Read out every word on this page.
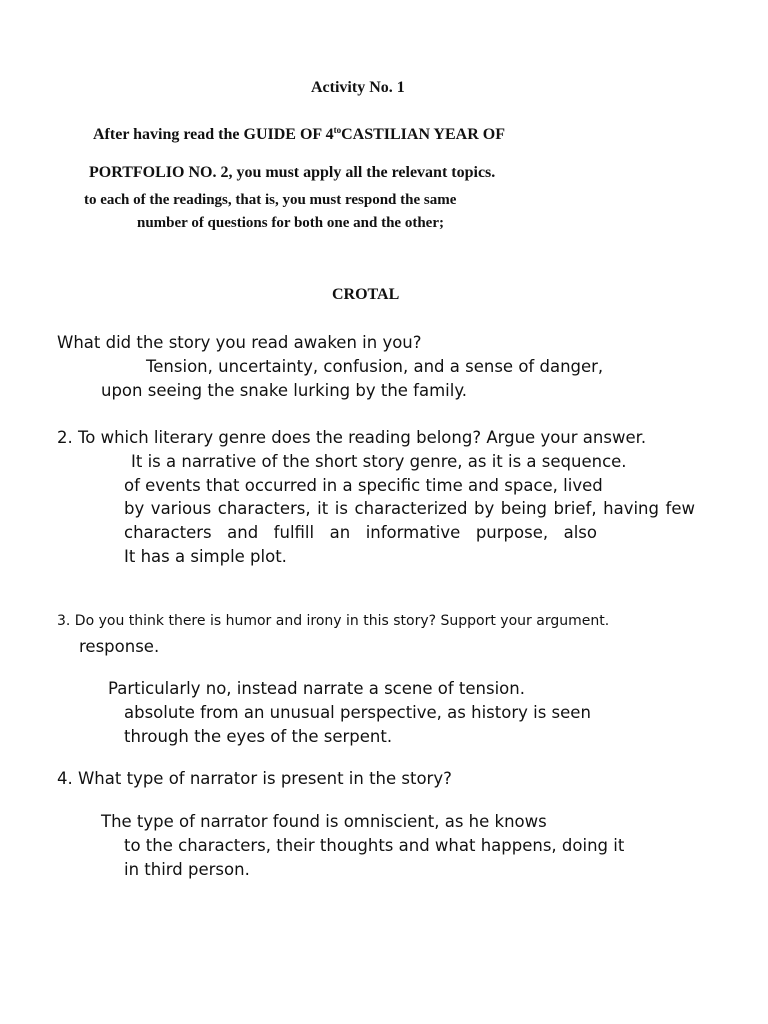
Activity No. 1
After having read the GUIDE OF $4^{to}CASTILIAN$ YEAR OF
PORTFOLIO NO. 2, you must apply all the relevant topics.
to each of the readings, that is, you must respond the same
number of questions for both one and the other;
CROTAL
What did the story you read awaken in you?
Tension, uncertainty, confusion, and a sense of danger,
upon seeing the snake lurking by the family.
2. To which literary genre does the reading belong? Argue your answer.
It is a narrative of the short story genre, as it is a sequence.
of events that occurred in a specific time and space, lived
by various characters, it is characterized by being brief, having few
characters and fulfill an informative purpose, also
It has a simple plot.
3. Do you think there is humor and irony in this story? Support your argument.
response.
Particularly no, instead narrate a scene of tension.
absolute from an unusual perspective, as history is seen
through the eyes of the serpent.
4. What type of narrator is present in the story?
The type of narrator found is omniscient, as he knows
to the characters, their thoughts and what happens, doing it
in third person.
